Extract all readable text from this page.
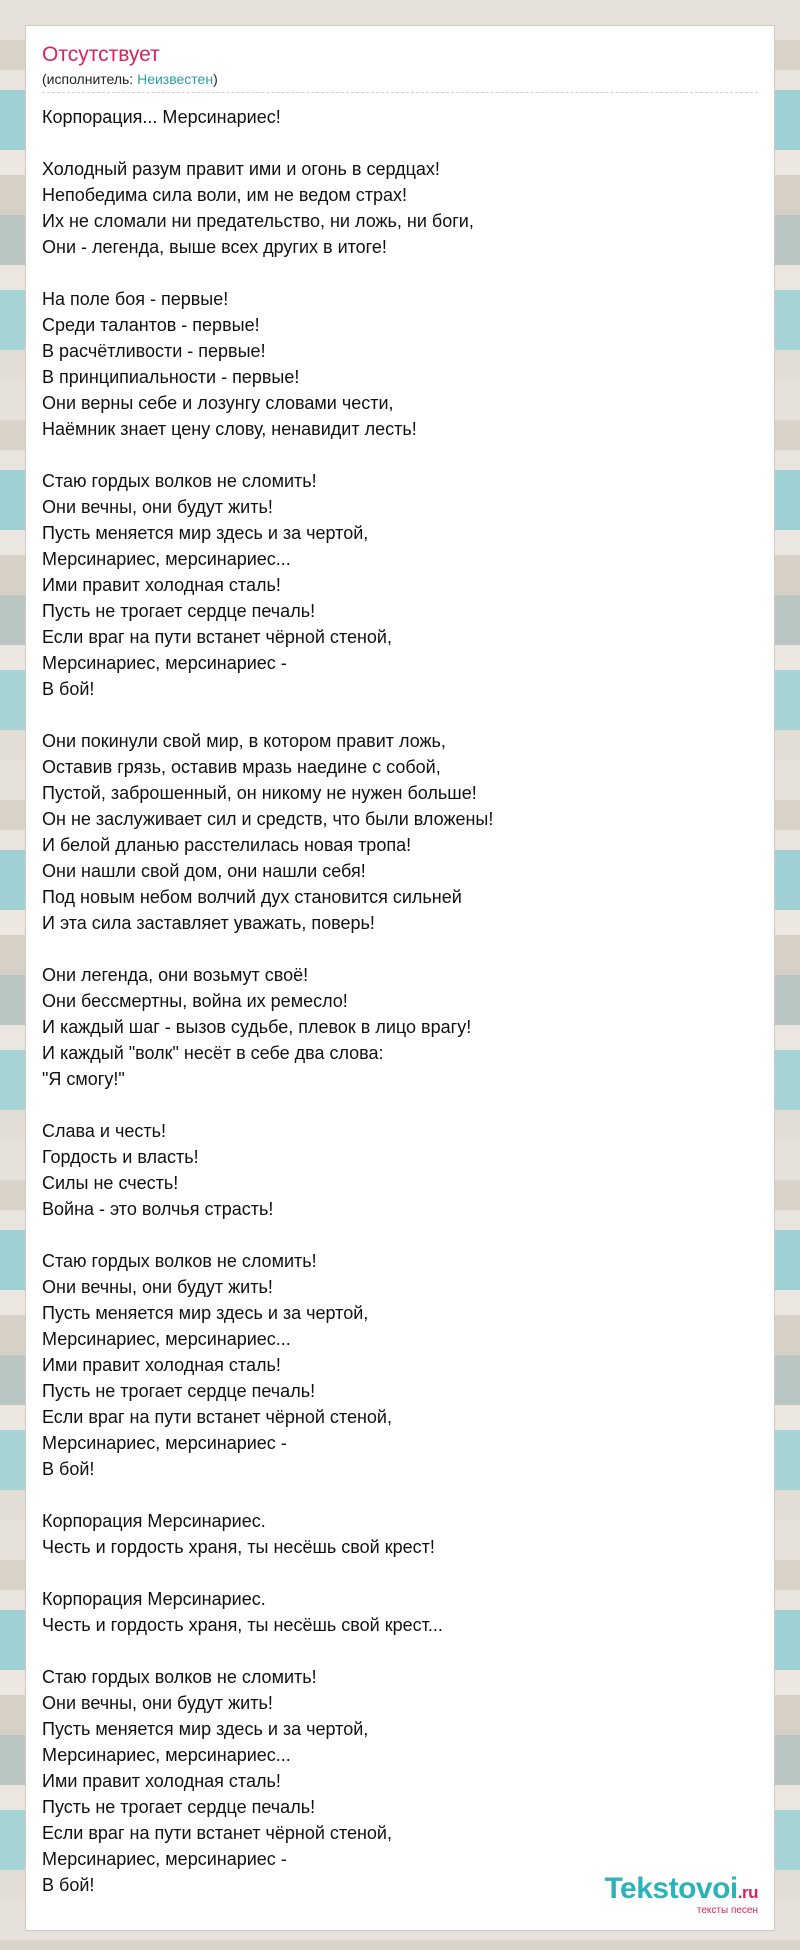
Отсутствует
(исполнитель: Неизвестен)
Корпорация... Мерсинариес!

Холодный разум правит ими и огонь в сердцах!
Непобедима сила воли, им не ведом страх!
Их не сломали ни предательство, ни ложь, ни боги,
Они - легенда, выше всех других в итоге!

На поле боя - первые!
Среди талантов - первые!
В расчётливости - первые!
В принципиальности - первые!
Они верны себе и лозунгу словами чести,
Наёмник знает цену слову, ненавидит лесть!

Стаю гордых волков не сломить!
Они вечны, они будут жить!
Пусть меняется мир здесь и за чертой,
Мерсинариес, мерсинариес...
Ими правит холодная сталь!
Пусть не трогает сердце печаль!
Если враг на пути встанет чёрной стеной,
Мерсинариес, мерсинариес -
В бой!

Они покинули свой мир, в котором правит ложь,
Оставив грязь, оставив мразь наедине с собой,
Пустой, заброшенный, он никому не нужен больше!
Он не заслуживает сил и средств, что были вложены!
И белой дланью расстелилась новая тропа!
Они нашли свой дом, они нашли себя!
Под новым небом волчий дух становится сильней
И эта сила заставляет уважать, поверь!

Они легенда, они возьмут своё!
Они бессмертны, война их ремесло!
И каждый шаг - вызов судьбе, плевок в лицо врагу!
И каждый "волк" несёт в себе два слова:
"Я смогу!"

Слава и честь!
Гордость и власть!
Силы не счесть!
Война - это волчья страсть!

Стаю гордых волков не сломить!
Они вечны, они будут жить!
Пусть меняется мир здесь и за чертой,
Мерсинариес, мерсинариес...
Ими правит холодная сталь!
Пусть не трогает сердце печаль!
Если враг на пути встанет чёрной стеной,
Мерсинариес, мерсинариес -
В бой!

Корпорация Мерсинариес.
Честь и гордость храня, ты несёшь свой крест!

Корпорация Мерсинариес.
Честь и гордость храня, ты несёшь свой крест...

Стаю гордых волков не сломить!
Они вечны, они будут жить!
Пусть меняется мир здесь и за чертой,
Мерсинариес, мерсинариес...
Ими правит холодная сталь!
Пусть не трогает сердце печаль!
Если враг на пути встанет чёрной стеной,
Мерсинариес, мерсинариес -
В бой!	Tekstovoi.ru
тексты песен
